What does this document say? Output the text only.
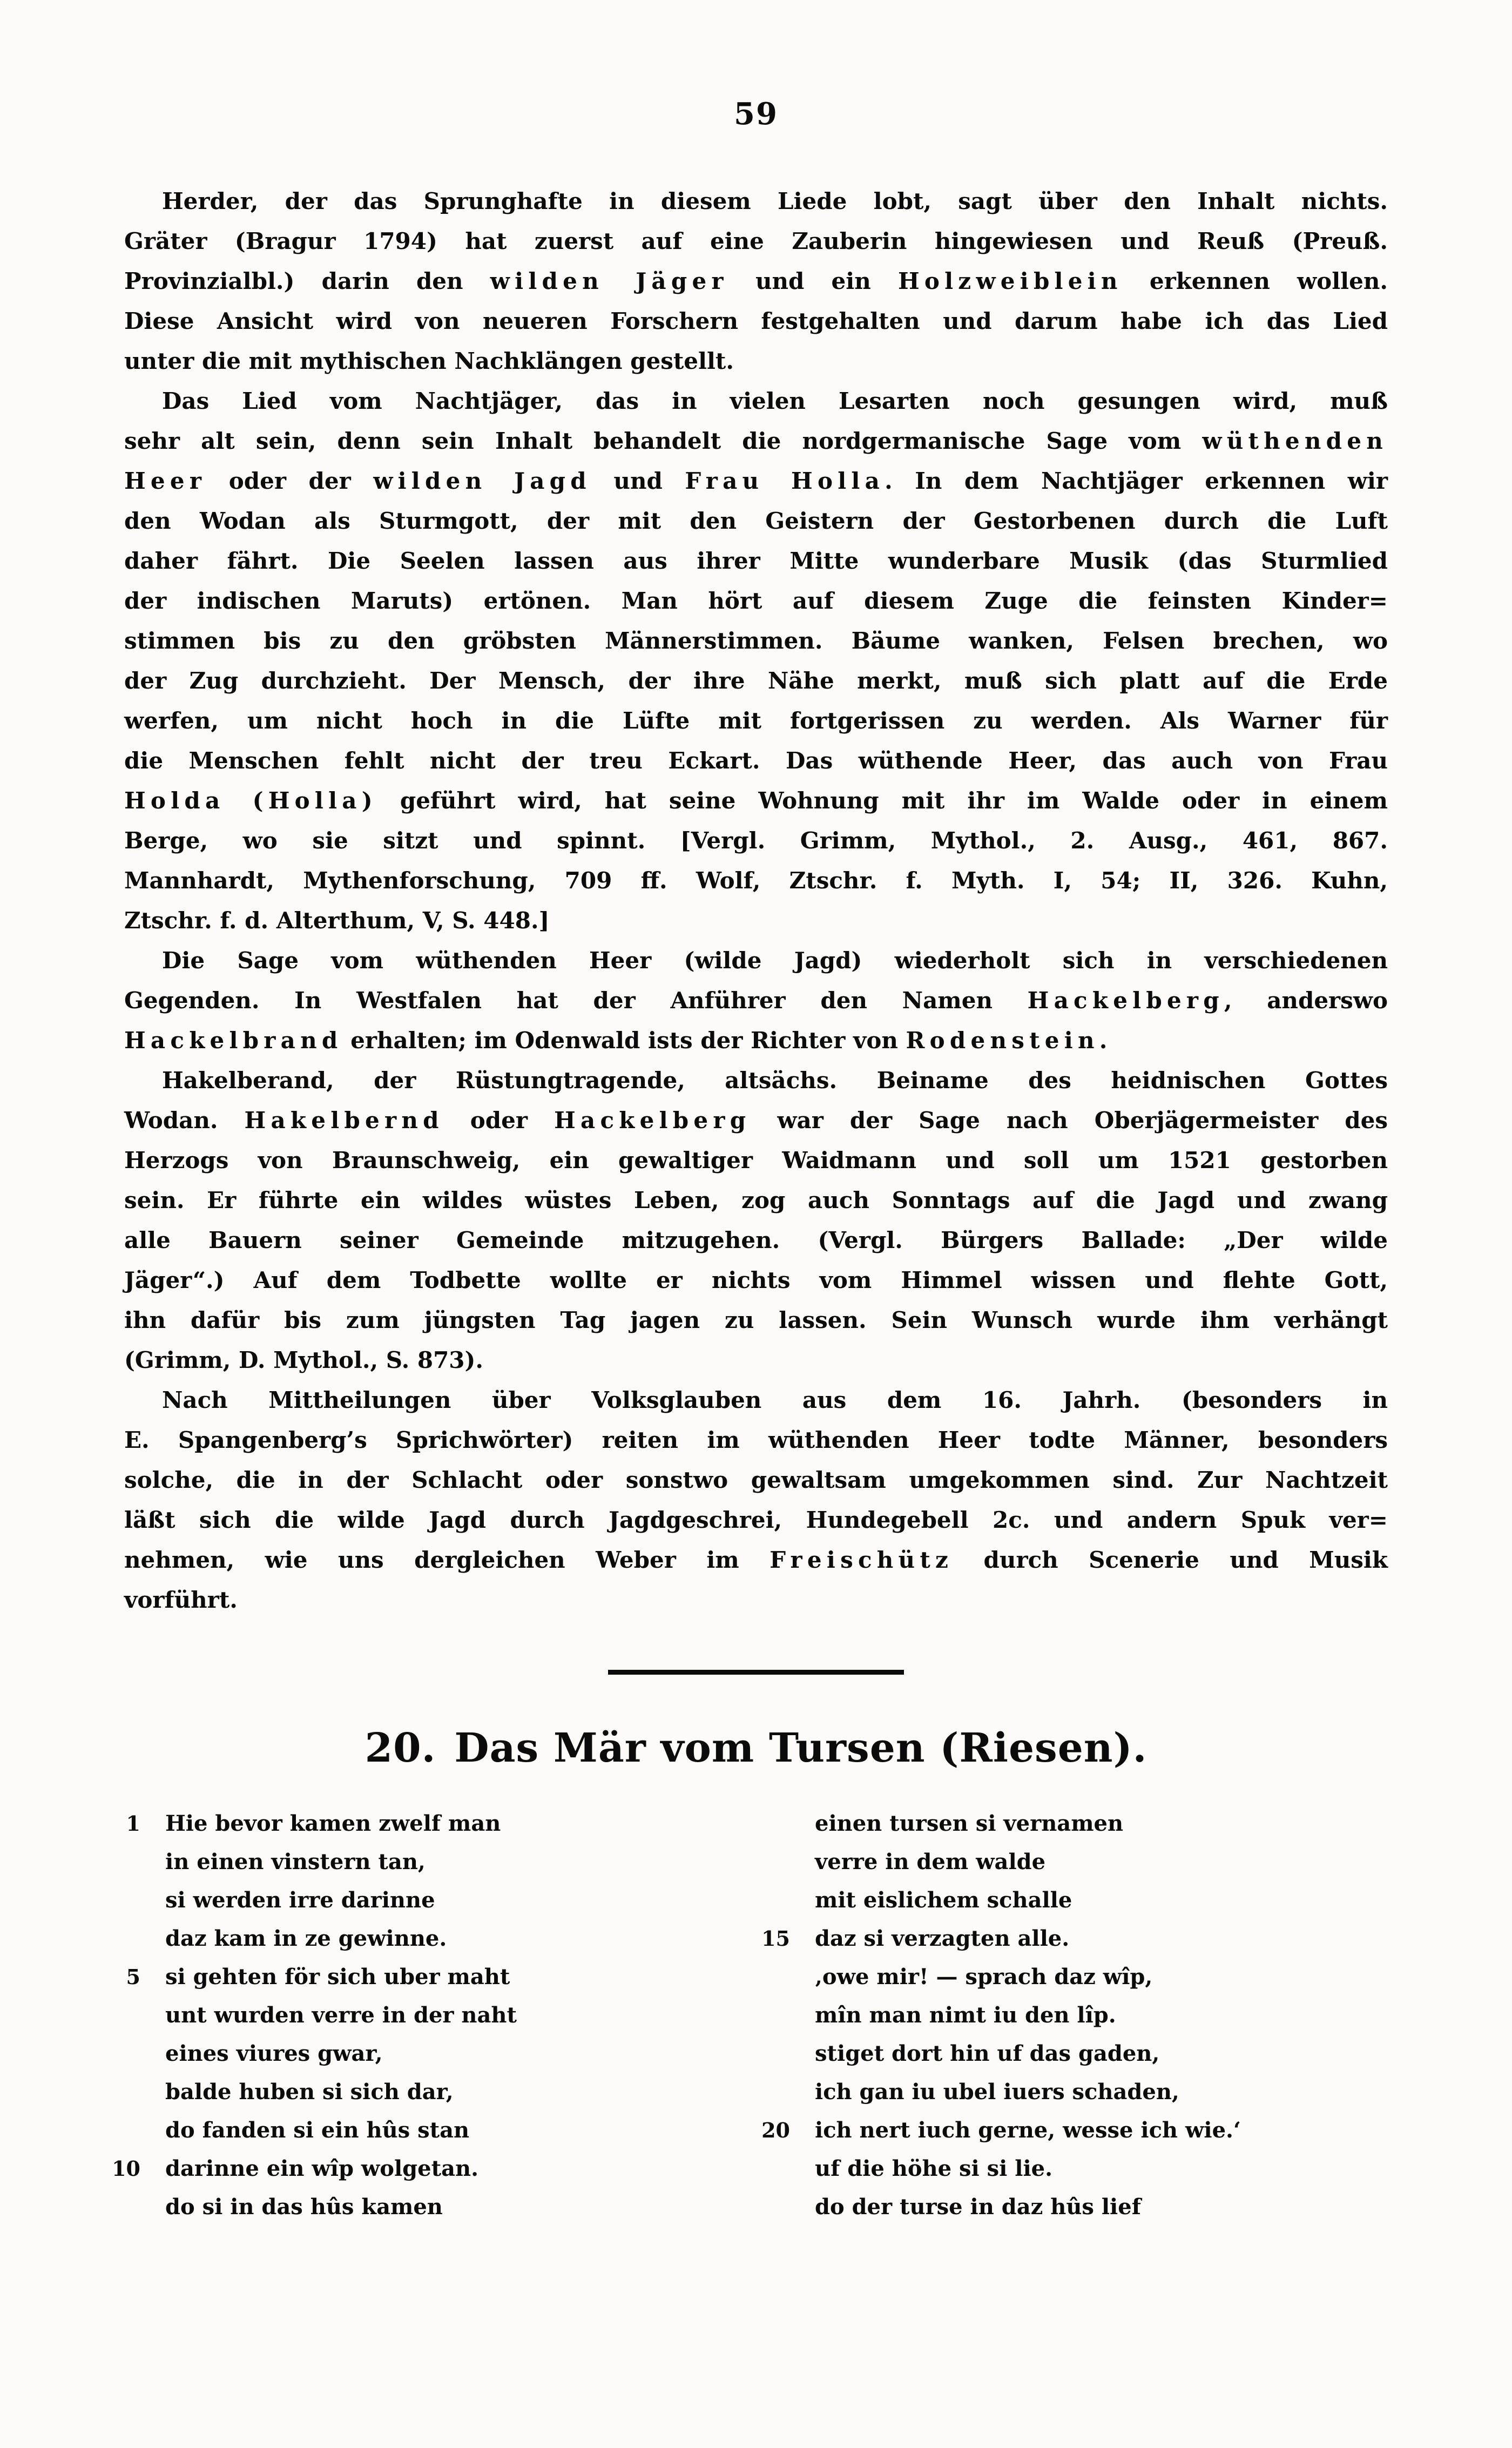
59
Herder, der das Sprunghafte in diesem Liede lobt, sagt über den Inhalt nichts.
Gräter (Bragur 1794) hat zuerst auf eine Zauberin hingewiesen und Reuß (Preuß.
Provinzialbl.) darin den wilden Jäger und ein Holzweiblein erkennen wollen.
Diese Ansicht wird von neueren Forschern festgehalten und darum habe ich das Lied
unter die mit mythischen Nachklängen gestellt.
Das Lied vom Nachtjäger, das in vielen Lesarten noch gesungen wird, muß
sehr alt sein, denn sein Inhalt behandelt die nordgermanische Sage vom wüthenden
Heer oder der wilden Jagd und Frau Holla. In dem Nachtjäger erkennen wir
den Wodan als Sturmgott, der mit den Geistern der Gestorbenen durch die Luft
daher fährt. Die Seelen lassen aus ihrer Mitte wunderbare Musik (das Sturmlied
der indischen Maruts) ertönen. Man hört auf diesem Zuge die feinsten Kinder=
stimmen bis zu den gröbsten Männerstimmen. Bäume wanken, Felsen brechen, wo
der Zug durchzieht. Der Mensch, der ihre Nähe merkt, muß sich platt auf die Erde
werfen, um nicht hoch in die Lüfte mit fortgerissen zu werden. Als Warner für
die Menschen fehlt nicht der treu Eckart. Das wüthende Heer, das auch von Frau
Holda (Holla) geführt wird, hat seine Wohnung mit ihr im Walde oder in einem
Berge, wo sie sitzt und spinnt. [Vergl. Grimm, Mythol., 2. Ausg., 461, 867.
Mannhardt, Mythenforschung, 709 ff. Wolf, Ztschr. f. Myth. I, 54; II, 326. Kuhn,
Ztschr. f. d. Alterthum, V, S. 448.]
Die Sage vom wüthenden Heer (wilde Jagd) wiederholt sich in verschiedenen
Gegenden. In Westfalen hat der Anführer den Namen Hackelberg, anderswo
Hackelbrand erhalten; im Odenwald ists der Richter von Rodenstein.
Hakelberand, der Rüstungtragende, altsächs. Beiname des heidnischen Gottes
Wodan. Hakelbernd oder Hackelberg war der Sage nach Oberjägermeister des
Herzogs von Braunschweig, ein gewaltiger Waidmann und soll um 1521 gestorben
sein. Er führte ein wildes wüstes Leben, zog auch Sonntags auf die Jagd und zwang
alle Bauern seiner Gemeinde mitzugehen. (Vergl. Bürgers Ballade: „Der wilde
Jäger“.) Auf dem Todbette wollte er nichts vom Himmel wissen und flehte Gott,
ihn dafür bis zum jüngsten Tag jagen zu lassen. Sein Wunsch wurde ihm verhängt
(Grimm, D. Mythol., S. 873).
Nach Mittheilungen über Volksglauben aus dem 16. Jahrh. (besonders in
E. Spangenberg’s Sprichwörter) reiten im wüthenden Heer todte Männer, besonders
solche, die in der Schlacht oder sonstwo gewaltsam umgekommen sind. Zur Nachtzeit
läßt sich die wilde Jagd durch Jagdgeschrei, Hundegebell 2c. und andern Spuk ver=
nehmen, wie uns dergleichen Weber im Freischütz durch Scenerie und Musik
vorführt.
20. Das Mär vom Tursen (Riesen).
1	Hie bevor kamen zwelf man
in einen vinstern tan,
si werden irre darinne
daz kam in ze gewinne.
5	si gehten för sich uber maht
unt wurden verre in der naht
eines viures gwar,
balde huben si sich dar,
do fanden si ein hûs stan
10	darinne ein wîp wolgetan.
do si in das hûs kamen
einen tursen si vernamen
verre in dem walde
mit eislichem schalle
15	daz si verzagten alle.
‚owe mir! — sprach daz wîp,
mîn man nimt iu den lîp.
stiget dort hin uf das gaden,
ich gan iu ubel iuers schaden,
20	ich nert iuch gerne, wesse ich wie.‘
uf die höhe si si lie.
do der turse in daz hûs lief
